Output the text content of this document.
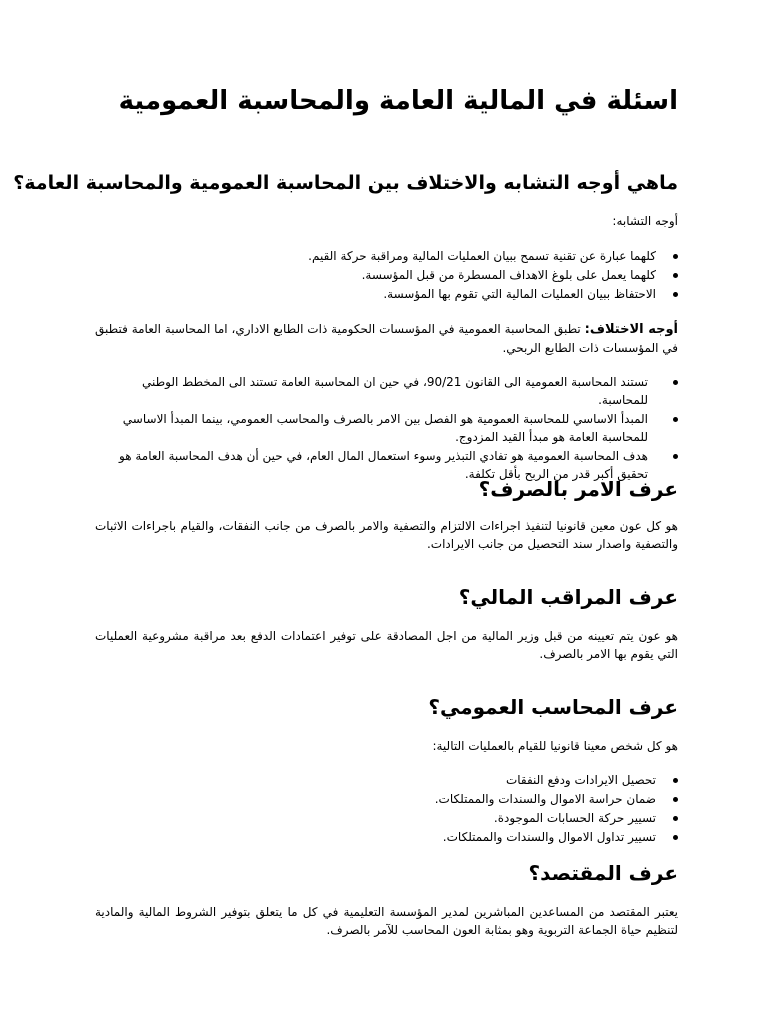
اسئلة في المالية العامة والمحاسبة العمومية
ماهي أوجه التشابه والاختلاف بين المحاسبة العمومية والمحاسبة العامة؟
أوجه التشابه:
كلهما عبارة عن تقنية تسمح ببيان العمليات المالية ومراقبة حركة القيم.
كلهما يعمل على بلوغ الاهداف المسطرة من قبل المؤسسة.
الاحتفاظ ببيان العمليات المالية التي تقوم بها المؤسسة.
أوجه الاختلاف: تطبق المحاسبة العمومية في المؤسسات الحكومية ذات الطابع الاداري، اما المحاسبة العامة فتطبق في المؤسسات ذات الطابع الربحي.
تستند المحاسبة العمومية الى القانون 90/21، في حين ان المحاسبة العامة تستند الى المخطط الوطني للمحاسبة.
المبدأ الاساسي للمحاسبة العمومية هو الفصل بين الامر بالصرف والمحاسب العمومي، بينما المبدأ الاساسي للمحاسبة العامة هو مبدأ القيد المزدوج.
هدف المحاسبة العمومية هو تفادي التبذير وسوء استعمال المال العام، في حين أن هدف المحاسبة العامة هو تحقيق أكبر قدر من الربح بأقل تكلفة.
عرف الامر بالصرف؟
هو كل عون معين قانونيا لتنفيذ اجراءات الالتزام والتصفية والامر بالصرف من جانب النفقات، والقيام باجراءات الاثبات والتصفية واصدار سند التحصيل من جانب الايرادات.
عرف المراقب المالي؟
هو عون يتم تعيينه من قبل وزير المالية من اجل المصادقة على توفير اعتمادات الدفع بعد مراقبة مشروعية العمليات التي يقوم بها الامر بالصرف.
عرف المحاسب العمومي؟
هو كل شخص معينا قانونيا للقيام بالعمليات التالية:
تحصيل الايرادات ودفع النفقات
ضمان حراسة الاموال والسندات والممتلكات.
تسيير حركة الحسابات الموجودة.
تسيير تداول الاموال والسندات والممتلكات.
عرف المقتصد؟
يعتبر المقتصد من المساعدين المباشرين لمدير المؤسسة التعليمية في كل ما يتعلق بتوفير الشروط المالية والمادية لتنظيم حياة الجماعة التربوية وهو بمثابة العون المحاسب للآمر بالصرف.
